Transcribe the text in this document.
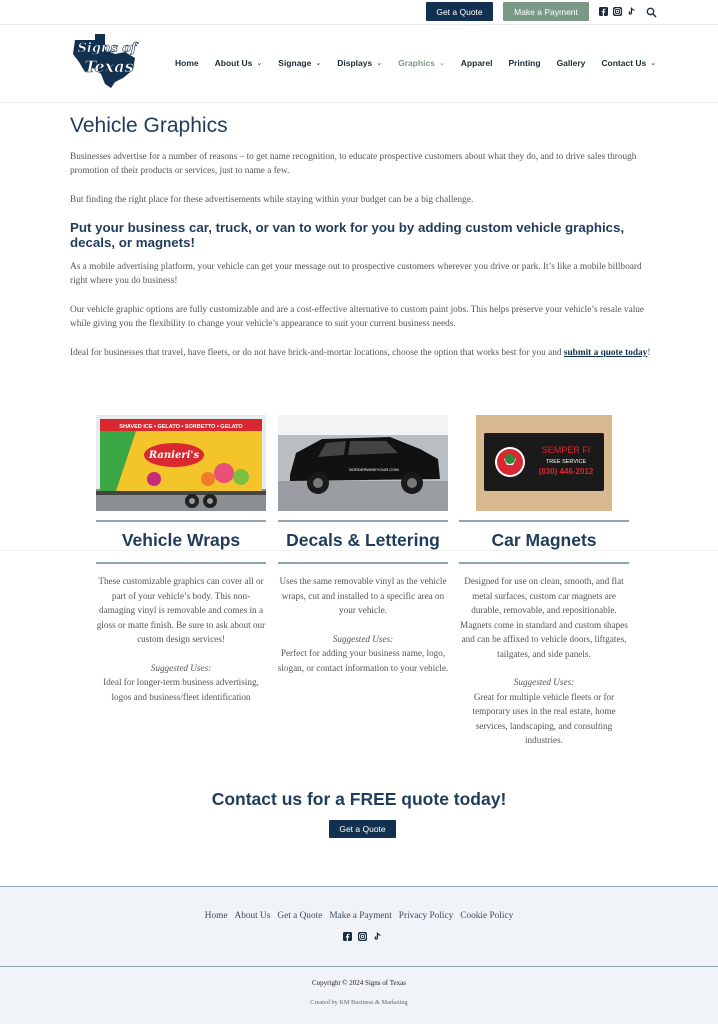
Get a Quote	Make a Payment
Signs of
Texas	Home About Us ⌄ Signage ⌄ Displays ⌄ Graphics ⌄ Apparel Printing Gallery Contact Us ⌄
Vehicle Graphics

Businesses advertise for a number of reasons – to get name recognition, to educate prospective customers about what they do, and to drive sales through promotion of their products or services, just to name a few.

But finding the right place for these advertisements while staying within your budget can be a big challenge.

Put your business car, truck, or van to work for you by adding custom vehicle graphics, decals, or magnets!

As a mobile advertising platform, your vehicle can get your message out to prospective customers wherever you drive or park. It’s like a mobile billboard right where you do business!

Our vehicle graphic options are fully customizable and are a cost-effective alternative to custom paint jobs. This helps preserve your vehicle’s resale value while giving you the flexibility to change your vehicle’s appearance to suit your current business needs.

Ideal for businesses that travel, have fleets, or do not have brick-and-mortar locations, choose the option that works best for you and submit a quote today!

SHAVED ICE • GELATO • SORBETTO • GELATO
Ranieri's
BORDERWINEYOUR.COM
SEMPER FI
TREE SERVICE
(830) 446-2012
Vehicle Wraps	Decals & Lettering	Car Magnets

These customizable graphics can cover all or part of your vehicle’s body. This non-damaging vinyl is removable and comes in a gloss or matte finish. Be sure to ask about our custom design services!

Suggested Uses:

Ideal for longer-term business advertising, logos and business/fleet identification

Uses the same removable vinyl as the vehicle wraps, cut and installed to a specific area on your vehicle.

Suggested Uses:

Perfect for adding your business name, logo, slogan, or contact information to your vehicle.

Designed for use on clean, smooth, and flat metal surfaces, custom car magnets are durable, removable, and repositionable. Magnets come in standard and custom shapes and can be affixed to vehicle doors, liftgates, tailgates, and side panels.

Suggested Uses:

Great for multiple vehicle fleets or for temporary uses in the real estate, home services, landscaping, and consulting industries.

Contact us for a FREE quote today!
Get a Quote
Home About Us Get a Quote Make a Payment Privacy Policy Cookie Policy
Copyright © 2024 Signs of Texas
Created by KM Business & Marketing
